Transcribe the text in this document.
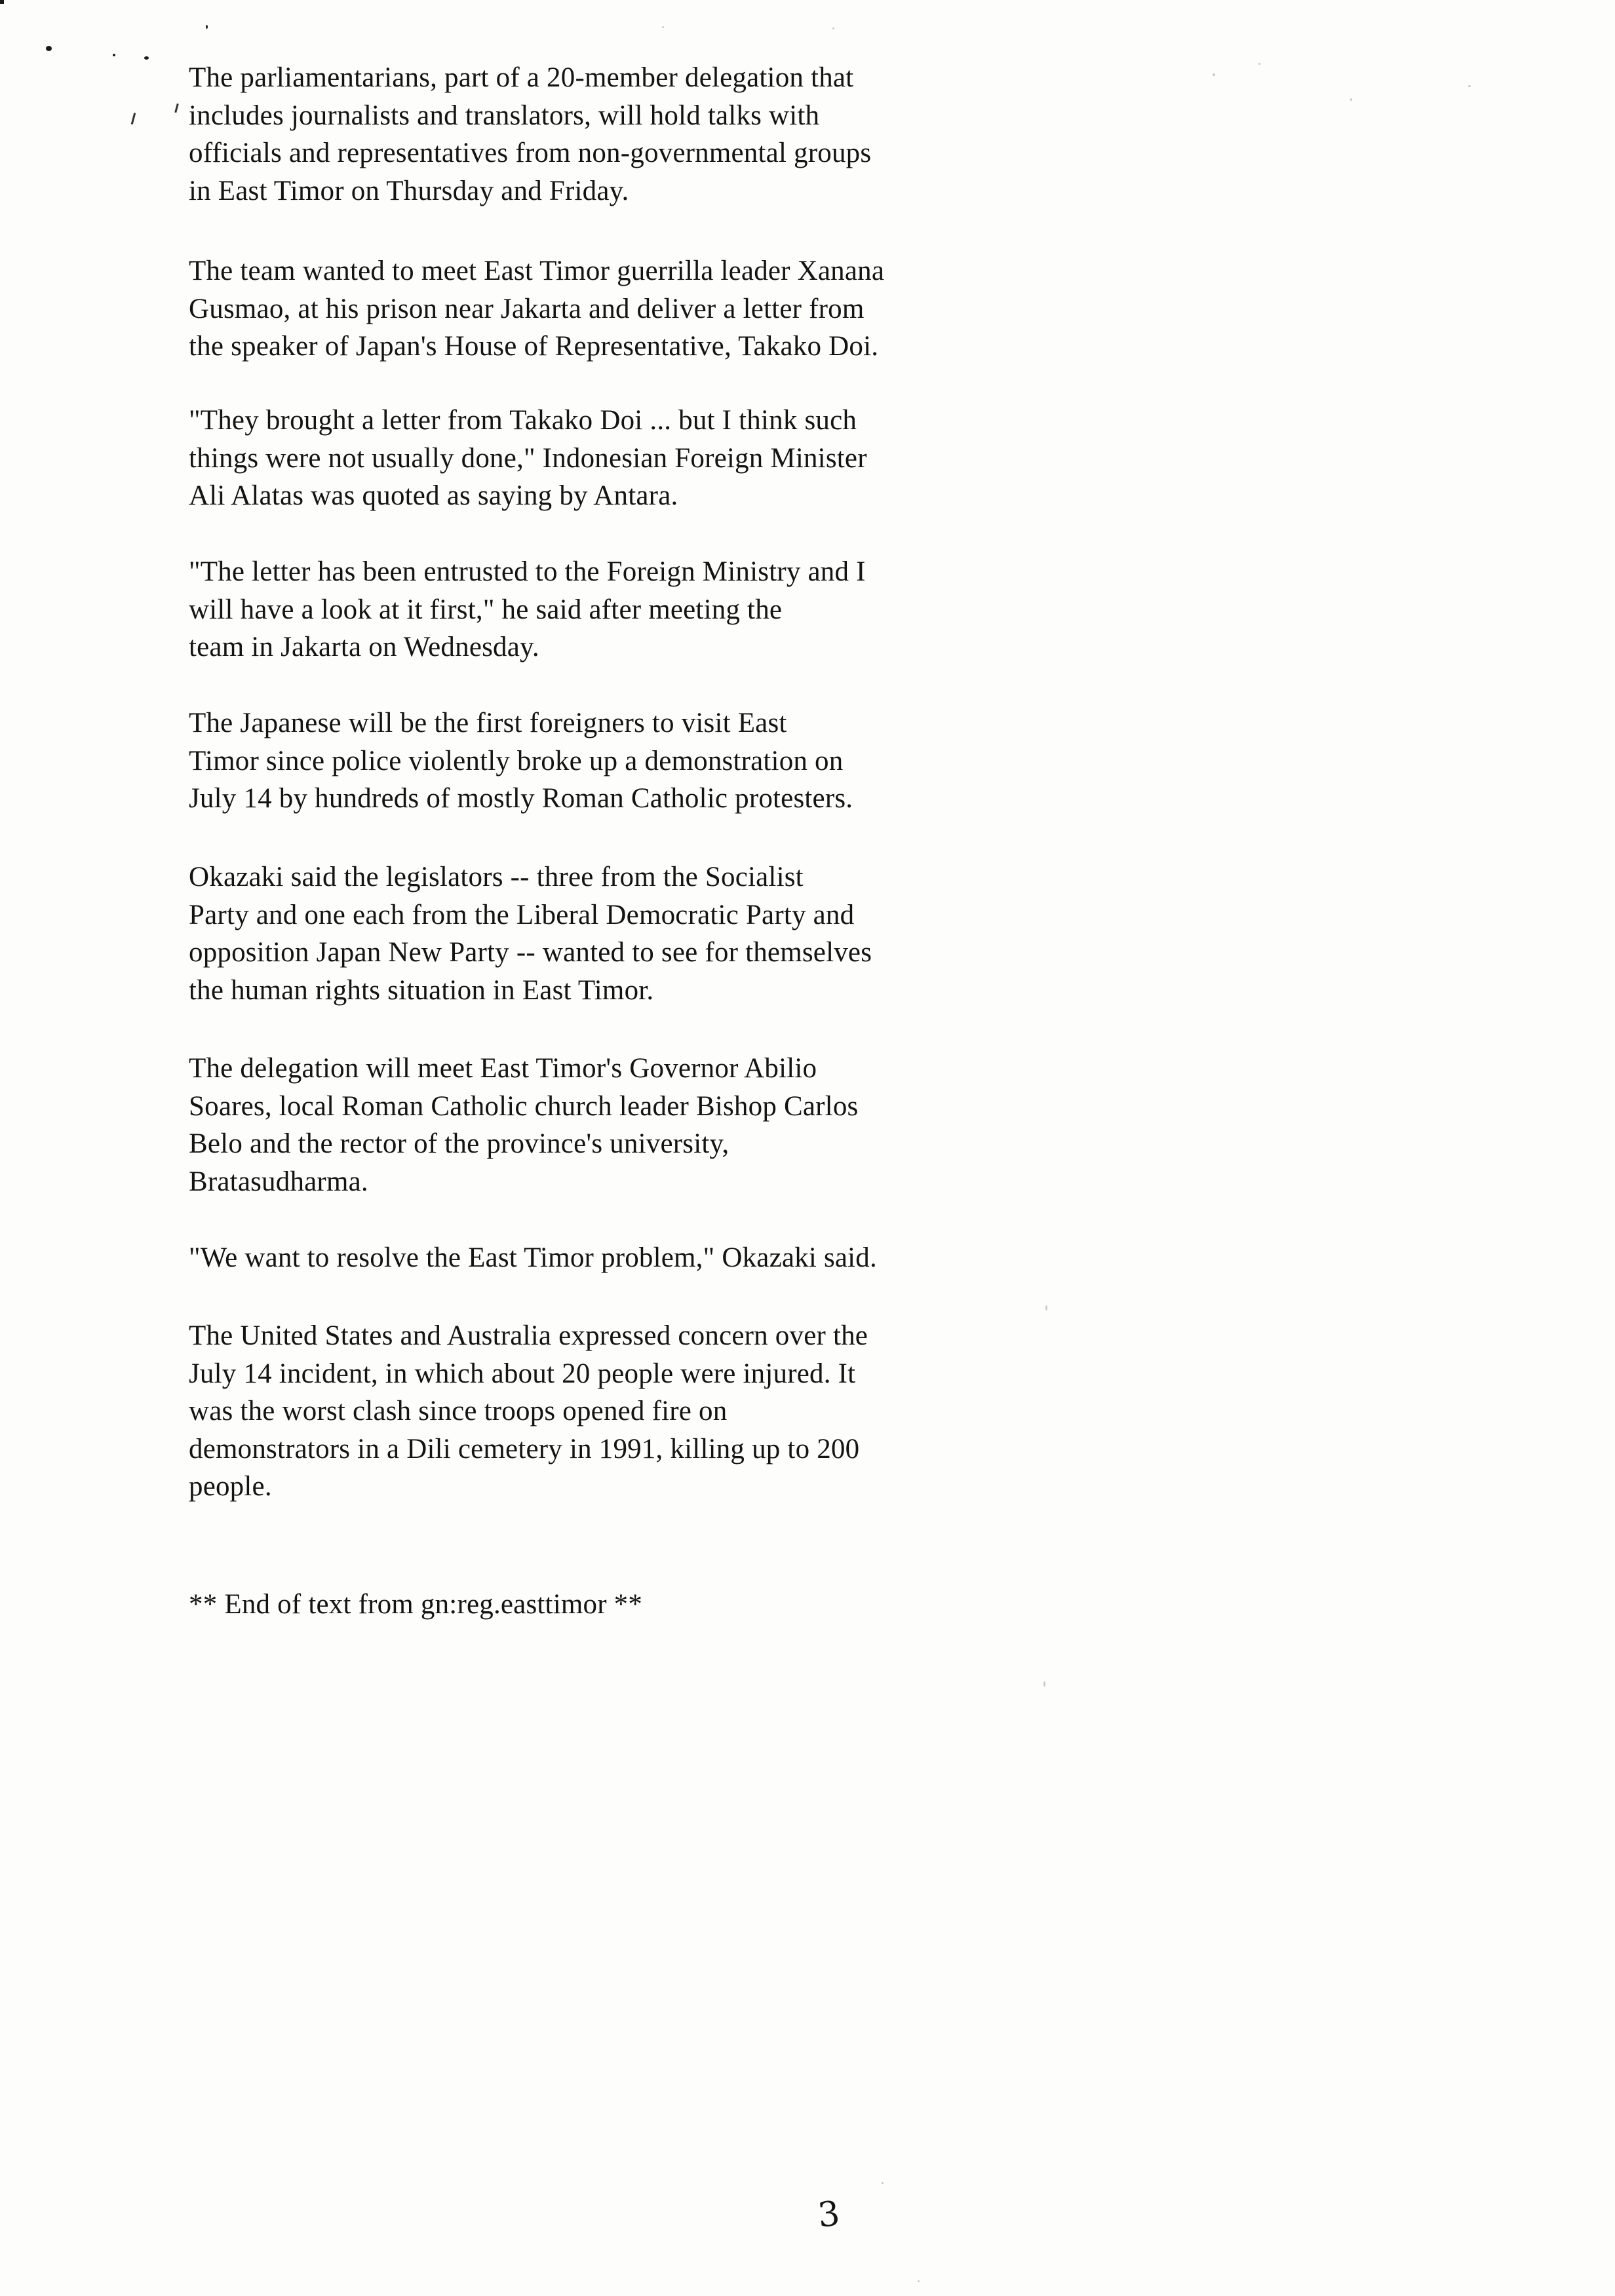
The parliamentarians, part of a 20-member delegation that
includes journalists and translators, will hold talks with
officials and representatives from non-governmental groups
in East Timor on Thursday and Friday.

The team wanted to meet East Timor guerrilla leader Xanana
Gusmao, at his prison near Jakarta and deliver a letter from
the speaker of Japan's House of Representative, Takako Doi.

"They brought a letter from Takako Doi ... but I think such
things were not usually done," Indonesian Foreign Minister
Ali Alatas was quoted as saying by Antara.

"The letter has been entrusted to the Foreign Ministry and I
will have a look at it first," he said after meeting the
team in Jakarta on Wednesday.

The Japanese will be the first foreigners to visit East
Timor since police violently broke up a demonstration on
July 14 by hundreds of mostly Roman Catholic protesters.

Okazaki said the legislators -- three from the Socialist
Party and one each from the Liberal Democratic Party and
opposition Japan New Party -- wanted to see for themselves
the human rights situation in East Timor.

The delegation will meet East Timor's Governor Abilio
Soares, local Roman Catholic church leader Bishop Carlos
Belo and the rector of the province's university,
Bratasudharma.

"We want to resolve the East Timor problem," Okazaki said.

The United States and Australia expressed concern over the
July 14 incident, in which about 20 people were injured. It
was the worst clash since troops opened fire on
demonstrators in a Dili cemetery in 1991, killing up to 200
people.

** End of text from gn:reg.easttimor **

3
